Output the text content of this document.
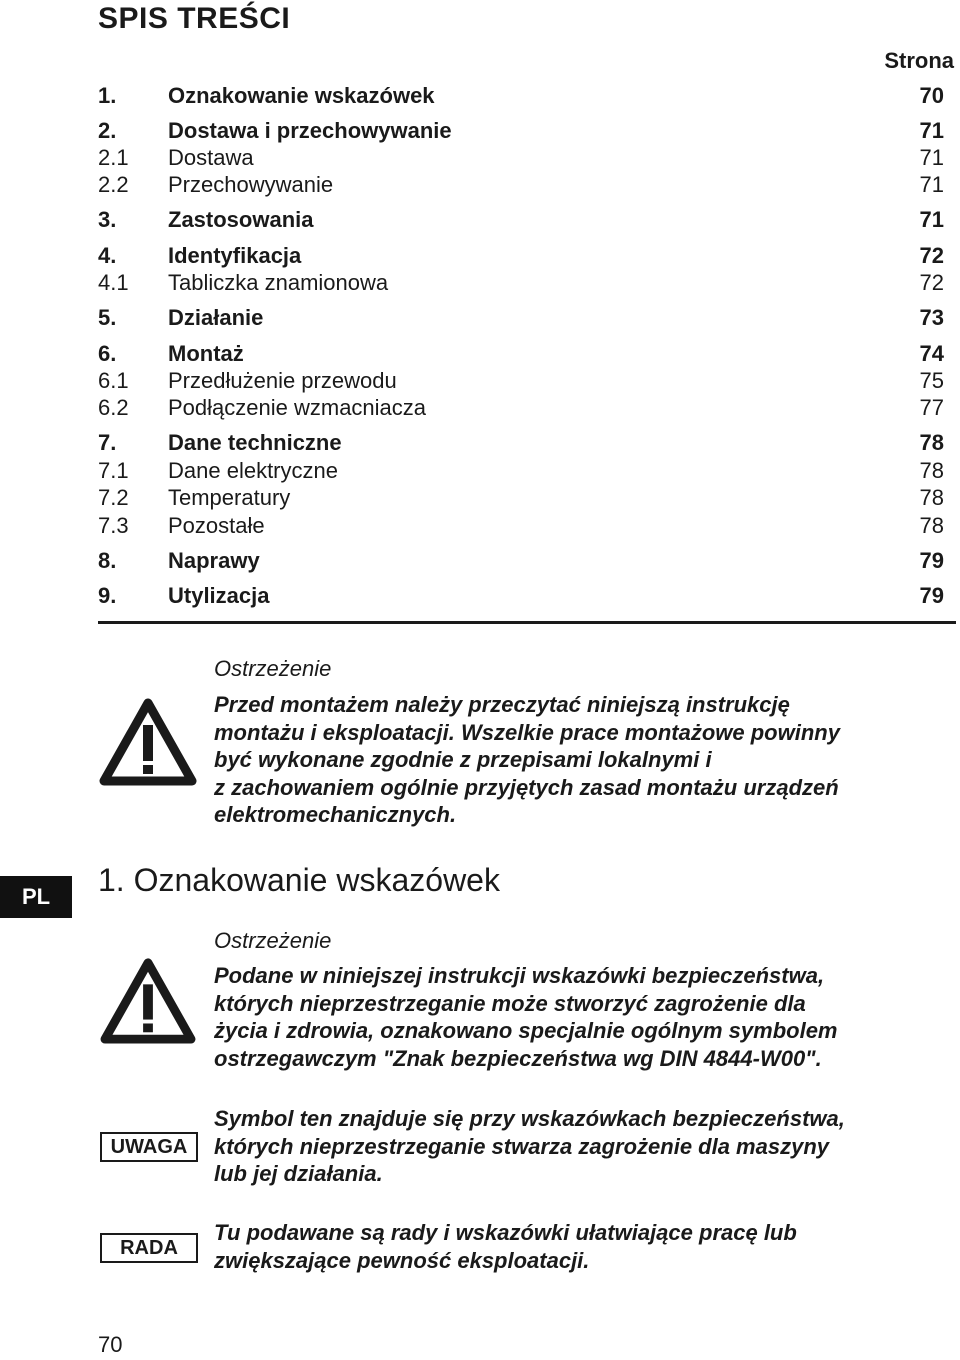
SPIS TREŚCI
Strona
1. Oznakowanie wskazówek	70
2. Dostawa i przechowywanie	71
2.1 Dostawa	71
2.2 Przechowywanie	71
3. Zastosowania	71
4. Identyfikacja	72
4.1 Tabliczka znamionowa	72
5. Działanie	73
6. Montaż	74
6.1 Przedłużenie przewodu	75
6.2 Podłączenie wzmacniacza	77
7. Dane techniczne	78
7.1 Dane elektryczne	78
7.2 Temperatury	78
7.3 Pozostałe	78
8. Naprawy	79
9. Utylizacja	79
Ostrzeżenie
Przed montażem należy przeczytać niniejszą instrukcję
montażu i eksploatacji. Wszelkie prace montażowe powinny
być wykonane zgodnie z przepisami lokalnymi i
z zachowaniem ogólnie przyjętych zasad montażu urządzeń
elektromechanicznych.
PL	1. Oznakowanie wskazówek
Ostrzeżenie
Podane w niniejszej instrukcji wskazówki bezpieczeństwa,
których nieprzestrzeganie może stworzyć zagrożenie dla
życia i zdrowia, oznakowano specjalnie ogólnym symbolem
ostrzegawczym "Znak bezpieczeństwa wg DIN 4844-W00".
UWAGA
Symbol ten znajduje się przy wskazówkach bezpieczeństwa,
których nieprzestrzeganie stwarza zagrożenie dla maszyny
lub jej działania.
RADA
Tu podawane są rady i wskazówki ułatwiające pracę lub
zwiększające pewność eksploatacji.
70
